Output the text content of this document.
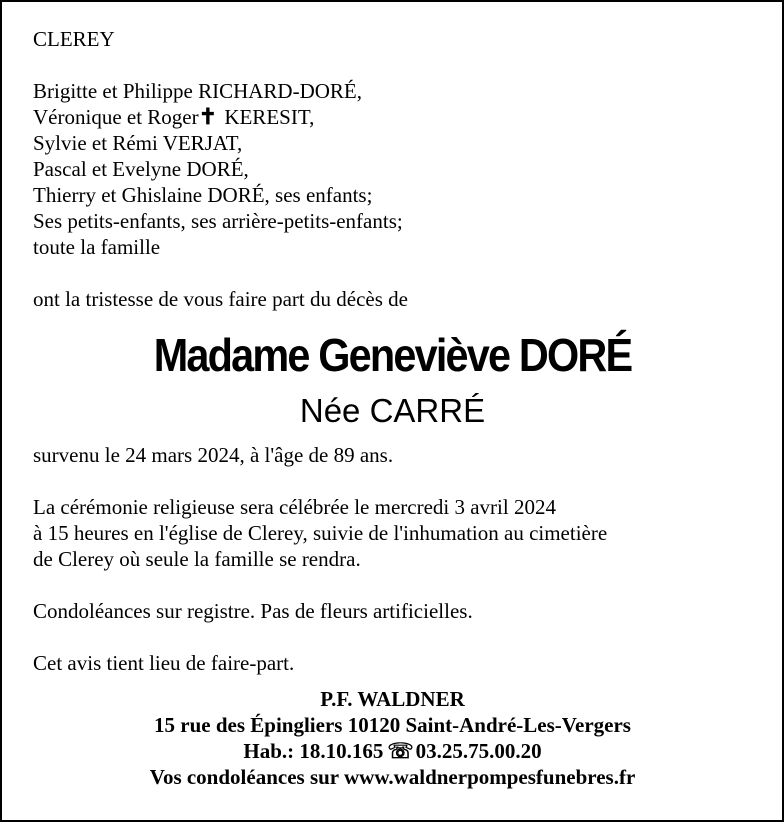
CLEREY
Brigitte et Philippe RICHARD-DORÉ,
Véronique et Roger✝ KERESIT,
Sylvie et Rémi VERJAT,
Pascal et Evelyne DORÉ,
Thierry et Ghislaine DORÉ, ses enfants;
Ses petits-enfants, ses arrière-petits-enfants;
toute la famille
ont la tristesse de vous faire part du décès de
Madame Geneviève DORÉ
Née CARRÉ
survenu le 24 mars 2024, à l'âge de 89 ans.
La cérémonie religieuse sera célébrée le mercredi 3 avril 2024
à 15 heures en l'église de Clerey, suivie de l'inhumation au cimetière
de Clerey où seule la famille se rendra.
Condoléances sur registre. Pas de fleurs artificielles.
Cet avis tient lieu de faire-part.
P.F. WALDNER
15 rue des Épingliers 10120 Saint-André-Les-Vergers
Hab.: 18.10.165 ☏03.25.75.00.20
Vos condoléances sur www.waldnerpompesfunebres.fr
